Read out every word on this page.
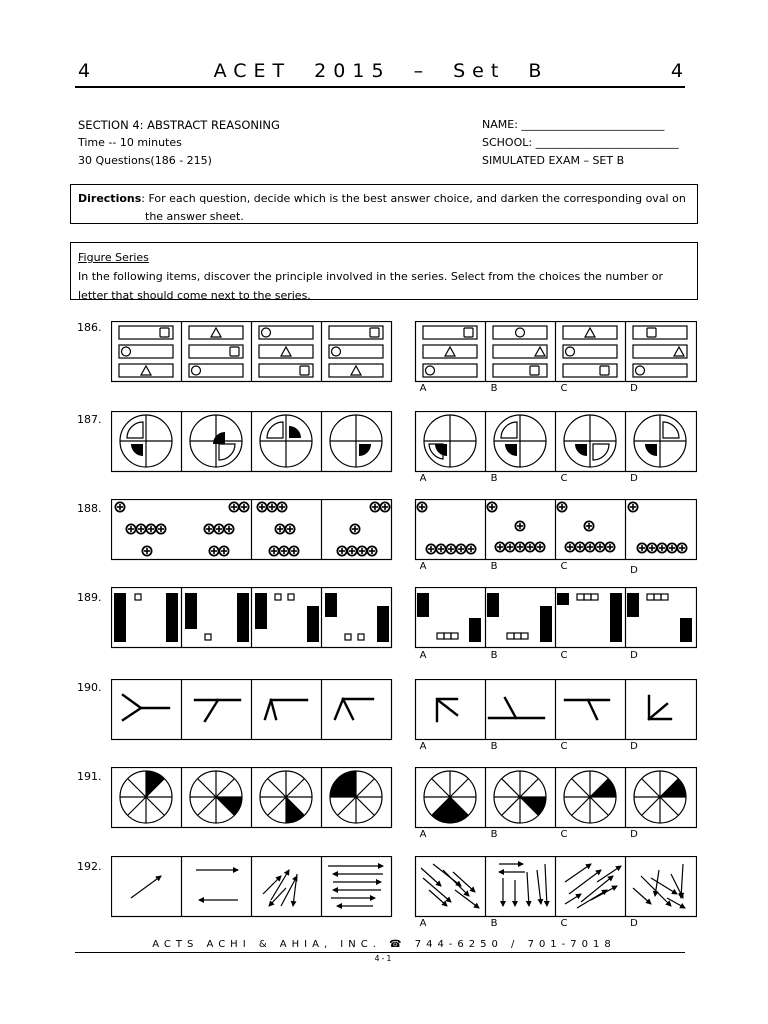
4	ACET 2015 – Set B	4
SECTION 4: ABSTRACT REASONING
Time -- 10 minutes
30 Questions(186 - 215)
NAME: __________________________
SCHOOL: __________________________
SIMULATED EXAM – SET B
Directions: For each question, decide which is the best answer choice, and darken the corresponding oval on
the answer sheet.
Figure Series
In the following items, discover the principle involved in the series. Select from the choices the number or
letter that should come next to the series.
186.
A	B	C	D
187.
A	B	C	D
188.
A	B	C	D
189.
A	B	C	D
190.
A	B	C	D
191.
A	B	C	D
192.
A	B	C	D
ACTS ACHI & AHIA, INC. ☎ 744-6250 / 701-7018
4-1
